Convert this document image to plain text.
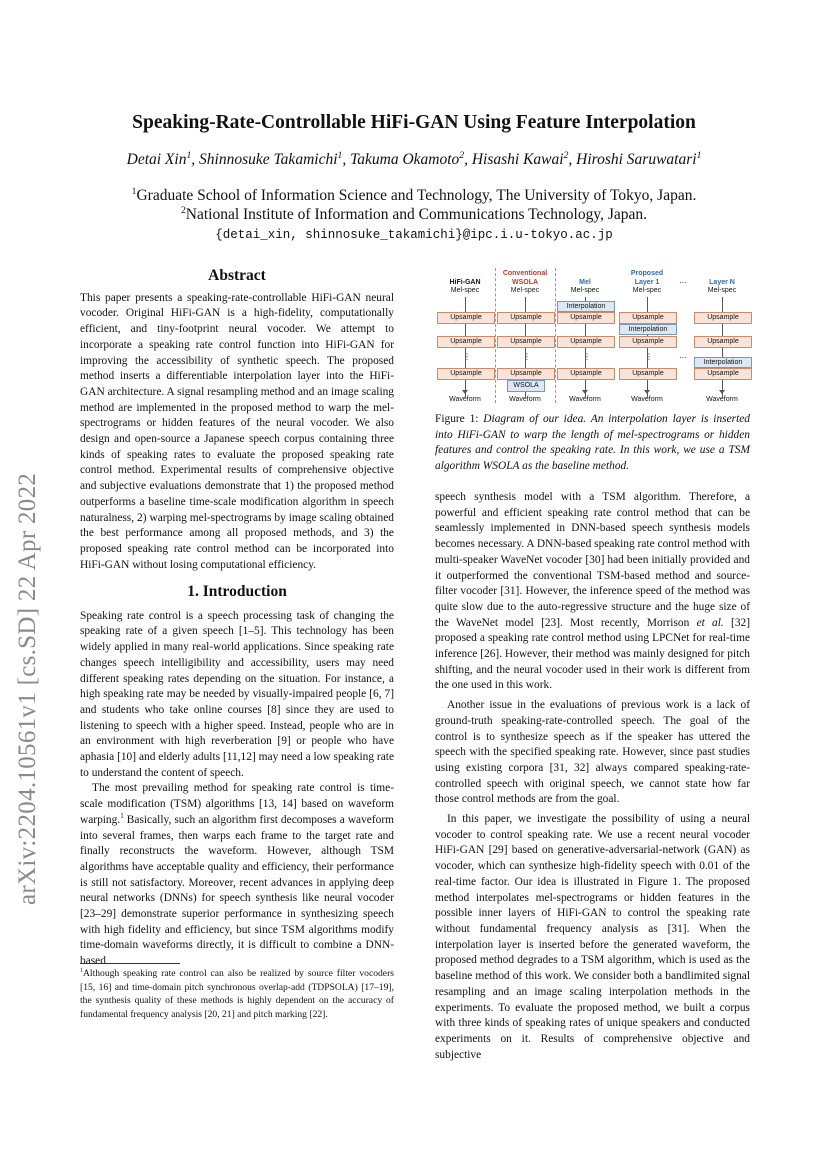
arXiv:2204.10561v1 [cs.SD] 22 Apr 2022
Speaking-Rate-Controllable HiFi-GAN Using Feature Interpolation
Detai Xin$^1$, Shinnosuke Takamichi$^1$, Takuma Okamoto$^2$, Hisashi Kawai$^2$, Hiroshi Saruwatari$^1$
$^1$Graduate School of Information Science and Technology, The University of Tokyo, Japan.
$^2$National Institute of Information and Communications Technology, Japan.
{detai_xin, shinnosuke_takamichi}@ipc.i.u-tokyo.ac.jp
Abstract

This paper presents a speaking-rate-controllable HiFi-GAN neural vocoder. Original HiFi-GAN is a high-fidelity, computationally efficient, and tiny-footprint neural vocoder. We attempt to incorporate a speaking rate control function into HiFi-GAN for improving the accessibility of synthetic speech. The proposed method inserts a differentiable interpolation layer into the HiFi-GAN architecture. A signal resampling method and an image scaling method are implemented in the proposed method to warp the mel-spectrograms or hidden features of the neural vocoder. We also design and open-source a Japanese speech corpus containing three kinds of speaking rates to evaluate the proposed speaking rate control method. Experimental results of comprehensive objective and subjective evaluations demonstrate that 1) the proposed method outperforms a baseline time-scale modification algorithm in speech naturalness, 2) warping mel-spectrograms by image scaling obtained the best performance among all proposed methods, and 3) the proposed speaking rate control method can be incorporated into HiFi-GAN without losing computational efficiency.

1. Introduction

Speaking rate control is a speech processing task of changing the speaking rate of a given speech [1–5]. This technology has been widely applied in many real-world applications. Since speaking rate changes speech intelligibility and accessibility, users may need different speaking rates depending on the situation. For instance, a high speaking rate may be needed by visually-impaired people [6, 7] and students who take online courses [8] since they are used to listening to speech with a higher speed. Instead, people who are in an environment with high reverberation [9] or people who have aphasia [10] and elderly adults [11,12] may need a low speaking rate to understand the content of speech.

The most prevailing method for speaking rate control is time-scale modification (TSM) algorithms [13, 14] based on waveform warping.$^1$ Basically, such an algorithm first decomposes a waveform into several frames, then warps each frame to the target rate and finally reconstructs the waveform. However, although TSM algorithms have acceptable quality and efficiency, their performance is still not satisfactory. Moreover, recent advances in applying deep neural networks (DNNs) for speech synthesis like neural vocoder [23–29] demonstrate superior performance in synthesizing speech with high fidelity and efficiency, but since TSM algorithms modify time-domain waveforms directly, it is difficult to combine a DNN-based

$^1$Although speaking rate control can also be realized by source filter vocoders [15, 16] and time-domain pitch synchronous overlap-add (TDPSOLA) [17–19], the synthesis quality of these methods is highly dependent on the accuracy of fundamental frequency analysis [20, 21] and pitch marking [22].

HiFi-GAN
Mel-spec
Conventional
WSOLA
Mel-spec

Mel
Mel-spec
Proposed
Layer 1
Mel-spec
···
	Layer N
Mel-spec
Upsample
Upsample
⋮
Upsample
Upsample
Upsample
⋮
Upsample
WSOLA
Interpolation
Upsample
Upsample
⋮
Upsample
Upsample
Interpolation
Upsample
⋮
Upsample
···
Upsample
Upsample
Interpolation
Upsample
Waveform	Waveform	Waveform	Waveform	Waveform
Figure 1: Diagram of our idea. An interpolation layer is inserted into HiFi-GAN to warp the length of mel-spectrograms or hidden features and control the speaking rate. In this work, we use a TSM algorithm WSOLA as the baseline method.

speech synthesis model with a TSM algorithm. Therefore, a powerful and efficient speaking rate control method that can be seamlessly implemented in DNN-based speech synthesis models becomes necessary. A DNN-based speaking rate control method with multi-speaker WaveNet vocoder [30] had been initially provided and it outperformed the conventional TSM-based method and source-filter vocoder [31]. However, the inference speed of the method was quite slow due to the auto-regressive structure and the huge size of the WaveNet model [23]. Most recently, Morrison et al. [32] proposed a speaking rate control method using LPCNet for real-time inference [26]. However, their method was mainly designed for pitch shifting, and the neural vocoder used in their work is different from the one used in this work.

Another issue in the evaluations of previous work is a lack of ground-truth speaking-rate-controlled speech. The goal of the control is to synthesize speech as if the speaker has uttered the speech with the specified speaking rate. However, since past studies using existing corpora [31, 32] always compared speaking-rate-controlled speech with original speech, we cannot state how far those control methods are from the goal.

In this paper, we investigate the possibility of using a neural vocoder to control speaking rate. We use a recent neural vocoder HiFi-GAN [29] based on generative-adversarial-network (GAN) as vocoder, which can synthesize high-fidelity speech with 0.01 of the real-time factor. Our idea is illustrated in Figure 1. The proposed method interpolates mel-spectrograms or hidden features in the possible inner layers of HiFi-GAN to control the speaking rate without fundamental frequency analysis as [31]. When the interpolation layer is inserted before the generated waveform, the proposed method degrades to a TSM algorithm, which is used as the baseline method of this work. We consider both a bandlimited signal resampling and an image scaling interpolation methods in the experiments. To evaluate the proposed method, we built a corpus with three kinds of speaking rates of unique speakers and conducted experiments on it. Results of comprehensive objective and subjective
